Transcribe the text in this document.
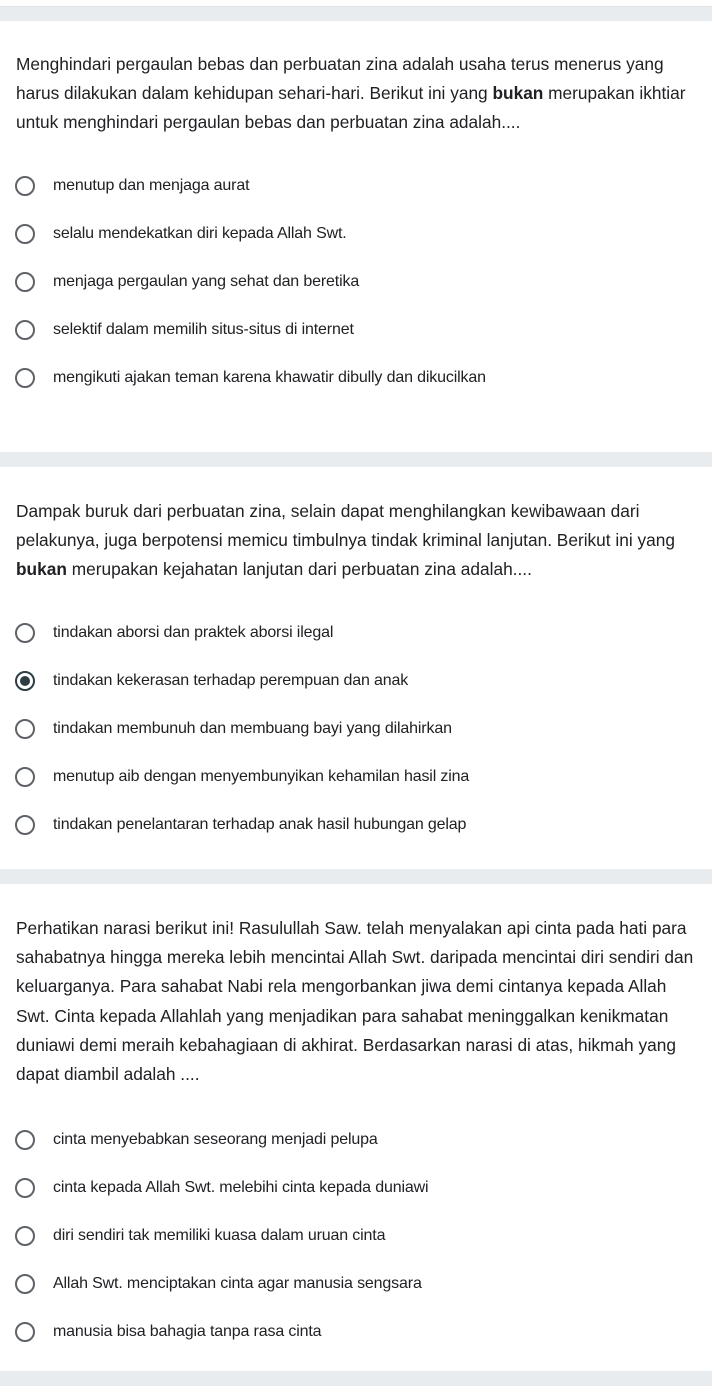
Menghindari pergaulan bebas dan perbuatan zina adalah usaha terus menerus yang harus dilakukan dalam kehidupan sehari-hari. Berikut ini yang bukan merupakan ikhtiar untuk menghindari pergaulan bebas dan perbuatan zina adalah....

menutup dan menjaga aurat
selalu mendekatkan diri kepada Allah Swt.
menjaga pergaulan yang sehat dan beretika
selektif dalam memilih situs-situs di internet
mengikuti ajakan teman karena khawatir dibully dan dikucilkan

Dampak buruk dari perbuatan zina, selain dapat menghilangkan kewibawaan dari pelakunya, juga berpotensi memicu timbulnya tindak kriminal lanjutan. Berikut ini yang bukan merupakan kejahatan lanjutan dari perbuatan zina adalah....

tindakan aborsi dan praktek aborsi ilegal
tindakan kekerasan terhadap perempuan dan anak
tindakan membunuh dan membuang bayi yang dilahirkan
menutup aib dengan menyembunyikan kehamilan hasil zina
tindakan penelantaran terhadap anak hasil hubungan gelap

Perhatikan narasi berikut ini! Rasulullah Saw. telah menyalakan api cinta pada hati para sahabatnya hingga mereka lebih mencintai Allah Swt. daripada mencintai diri sendiri dan keluarganya. Para sahabat Nabi rela mengorbankan jiwa demi cintanya kepada Allah Swt. Cinta kepada Allahlah yang menjadikan para sahabat meninggalkan kenikmatan duniawi demi meraih kebahagiaan di akhirat. Berdasarkan narasi di atas, hikmah yang dapat diambil adalah ....

cinta menyebabkan seseorang menjadi pelupa
cinta kepada Allah Swt. melebihi cinta kepada duniawi
diri sendiri tak memiliki kuasa dalam uruan cinta
Allah Swt. menciptakan cinta agar manusia sengsara
manusia bisa bahagia tanpa rasa cinta
